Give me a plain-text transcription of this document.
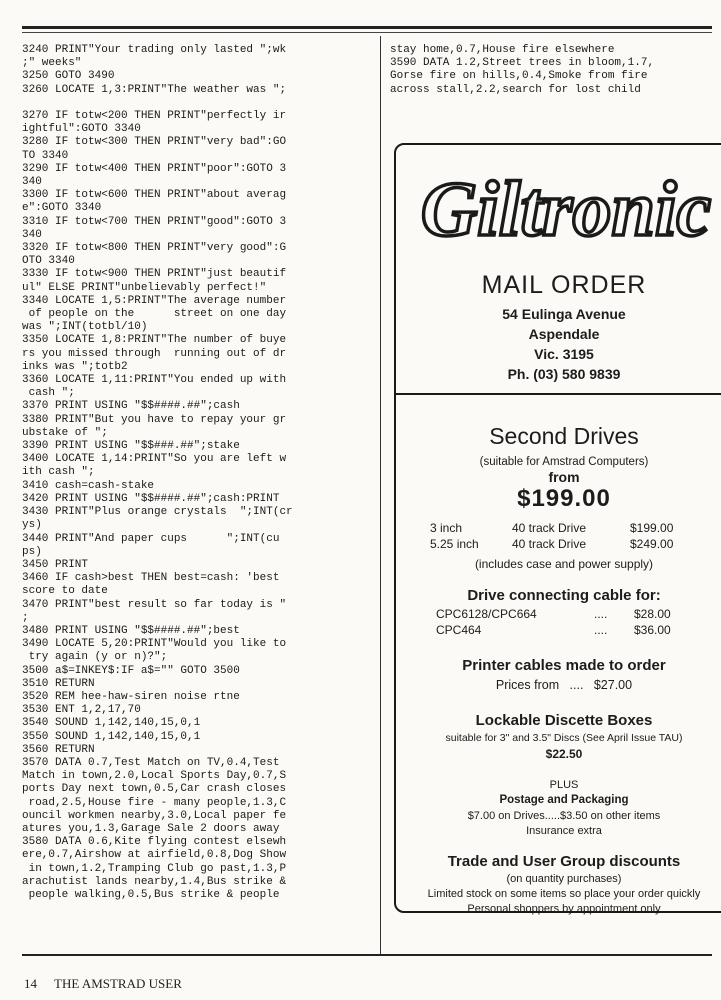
3240 PRINT"Your trading only lasted ";wk
;" weeks"
3250 GOTO 3490
3260 LOCATE 1,3:PRINT"The weather was ";
3270 IF totw<200 THEN PRINT"perfectly ir
ightful":GOTO 3340
3280 IF totw<300 THEN PRINT"very bad":GO
TO 3340
3290 IF totw<400 THEN PRINT"poor":GOTO 3
340
3300 IF totw<600 THEN PRINT"about averag
e":GOTO 3340
3310 IF totw<700 THEN PRINT"good":GOTO 3
340
3320 IF totw<800 THEN PRINT"very good":G
OTO 3340
3330 IF totw<900 THEN PRINT"just beautif
ul" ELSE PRINT"unbelievably perfect!"
3340 LOCATE 1,5:PRINT"The average number
of people on the      street on one day
was ";INT(totbl/10)
3350 LOCATE 1,8:PRINT"The number of buye
rs you missed through  running out of dr
inks was ";totb2
3360 LOCATE 1,11:PRINT"You ended up with
cash ";
3370 PRINT USING "$$####.##";cash
3380 PRINT"But you have to repay your gr
ubstake of ";
3390 PRINT USING "$$###.##";stake
3400 LOCATE 1,14:PRINT"So you are left w
ith cash ";
3410 cash=cash-stake
3420 PRINT USING "$$####.##";cash:PRINT
3430 PRINT"Plus orange crystals  ";INT(cr
ys)
3440 PRINT"And paper cups      ";INT(cu
ps)
3450 PRINT
3460 IF cash>best THEN best=cash: 'best
score to date
3470 PRINT"best result so far today is "
;
3480 PRINT USING "$$####.##";best
3490 LOCATE 5,20:PRINT"Would you like to
try again (y or n)?";
3500 a$=INKEY$:IF a$="" GOTO 3500
3510 RETURN
3520 REM hee-haw-siren noise rtne
3530 ENT 1,2,17,70
3540 SOUND 1,142,140,15,0,1
3550 SOUND 1,142,140,15,0,1
3560 RETURN
3570 DATA 0.7,Test Match on TV,0.4,Test
Match in town,2.0,Local Sports Day,0.7,S
ports Day next town,0.5,Car crash closes
road,2.5,House fire - many people,1.3,C
ouncil workmen nearby,3.0,Local paper fe
atures you,1.3,Garage Sale 2 doors away
3580 DATA 0.6,Kite flying contest elsewh
ere,0.7,Airshow at airfield,0.8,Dog Show
in town,1.2,Tramping Club go past,1.3,P
arachutist lands nearby,1.4,Bus strike &
people walking,0.5,Bus strike & people
stay home,0.7,House fire elsewhere
3590 DATA 1.2,Street trees in bloom,1.7,
Gorse fire on hills,0.4,Smoke from fire
across stall,2.2,search for lost child
Giltronic
MAIL ORDER
54 Eulinga Avenue
Aspendale
Vic. 3195
Ph. (03) 580 9839
Second Drives
(suitable for Amstrad Computers)
from
$199.00
3 inch	40 track Drive	$199.00
5.25 inch	40 track Drive	$249.00
(includes case and power supply)
Drive connecting cable for:
CPC6128/CPC664	.... $28.00
CPC464	.... $36.00
Printer cables made to order
Prices from   ....   $27.00
Lockable Discette Boxes
suitable for 3" and 3.5" Discs (See April Issue TAU)
$22.50
PLUS
Postage and Packaging
$7.00 on Drives.....$3.50 on other items
Insurance extra
Trade and User Group discounts
(on quantity purchases)
Limited stock on some items so place your order quickly
Personal shoppers by appointment only
14 THE AMSTRAD USER
